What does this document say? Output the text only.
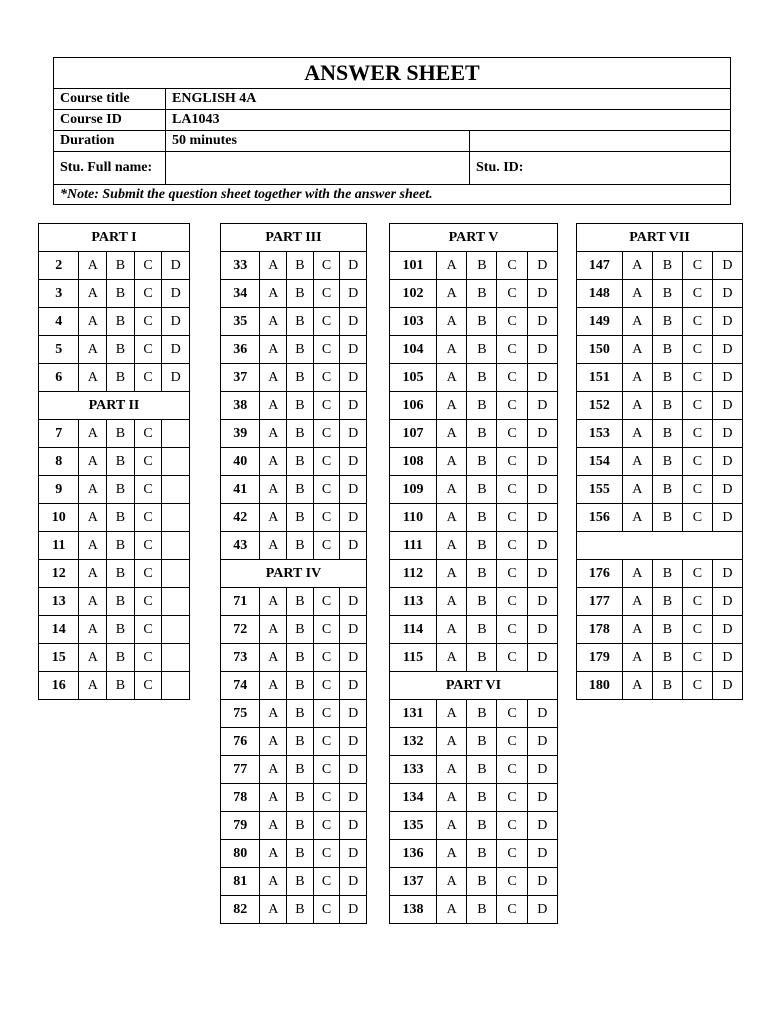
ANSWER SHEET		
Course title	ENGLISH 4A	
Course ID	LA1043	
Duration	50 minutes	
Stu. Full name:		Stu. ID:
*Note: Submit the question sheet together with the answer sheet.		
PART I				
2	A	B	C	D
3	A	B	C	D
4	A	B	C	D
5	A	B	C	D
6	A	B	C	D
PART II				
7	A	B	C	
8	A	B	C	
9	A	B	C	
10	A	B	C	
11	A	B	C	
12	A	B	C	
13	A	B	C	
14	A	B	C	
15	A	B	C	
16	A	B	C	
PART III				
33	A	B	C	D
34	A	B	C	D
35	A	B	C	D
36	A	B	C	D
37	A	B	C	D
38	A	B	C	D
39	A	B	C	D
40	A	B	C	D
41	A	B	C	D
42	A	B	C	D
43	A	B	C	D
PART IV				
71	A	B	C	D
72	A	B	C	D
73	A	B	C	D
74	A	B	C	D
75	A	B	C	D
76	A	B	C	D
77	A	B	C	D
78	A	B	C	D
79	A	B	C	D
80	A	B	C	D
81	A	B	C	D
82	A	B	C	D
PART V				
101	A	B	C	D
102	A	B	C	D
103	A	B	C	D
104	A	B	C	D
105	A	B	C	D
106	A	B	C	D
107	A	B	C	D
108	A	B	C	D
109	A	B	C	D
110	A	B	C	D
111	A	B	C	D
112	A	B	C	D
113	A	B	C	D
114	A	B	C	D
115	A	B	C	D
PART VI				
131	A	B	C	D
132	A	B	C	D
133	A	B	C	D
134	A	B	C	D
135	A	B	C	D
136	A	B	C	D
137	A	B	C	D
138	A	B	C	D
PART VII				
147	A	B	C	D
148	A	B	C	D
149	A	B	C	D
150	A	B	C	D
151	A	B	C	D
152	A	B	C	D
153	A	B	C	D
154	A	B	C	D
155	A	B	C	D
156	A	B	C	D

176	A	B	C	D
177	A	B	C	D
178	A	B	C	D
179	A	B	C	D
180	A	B	C	D
